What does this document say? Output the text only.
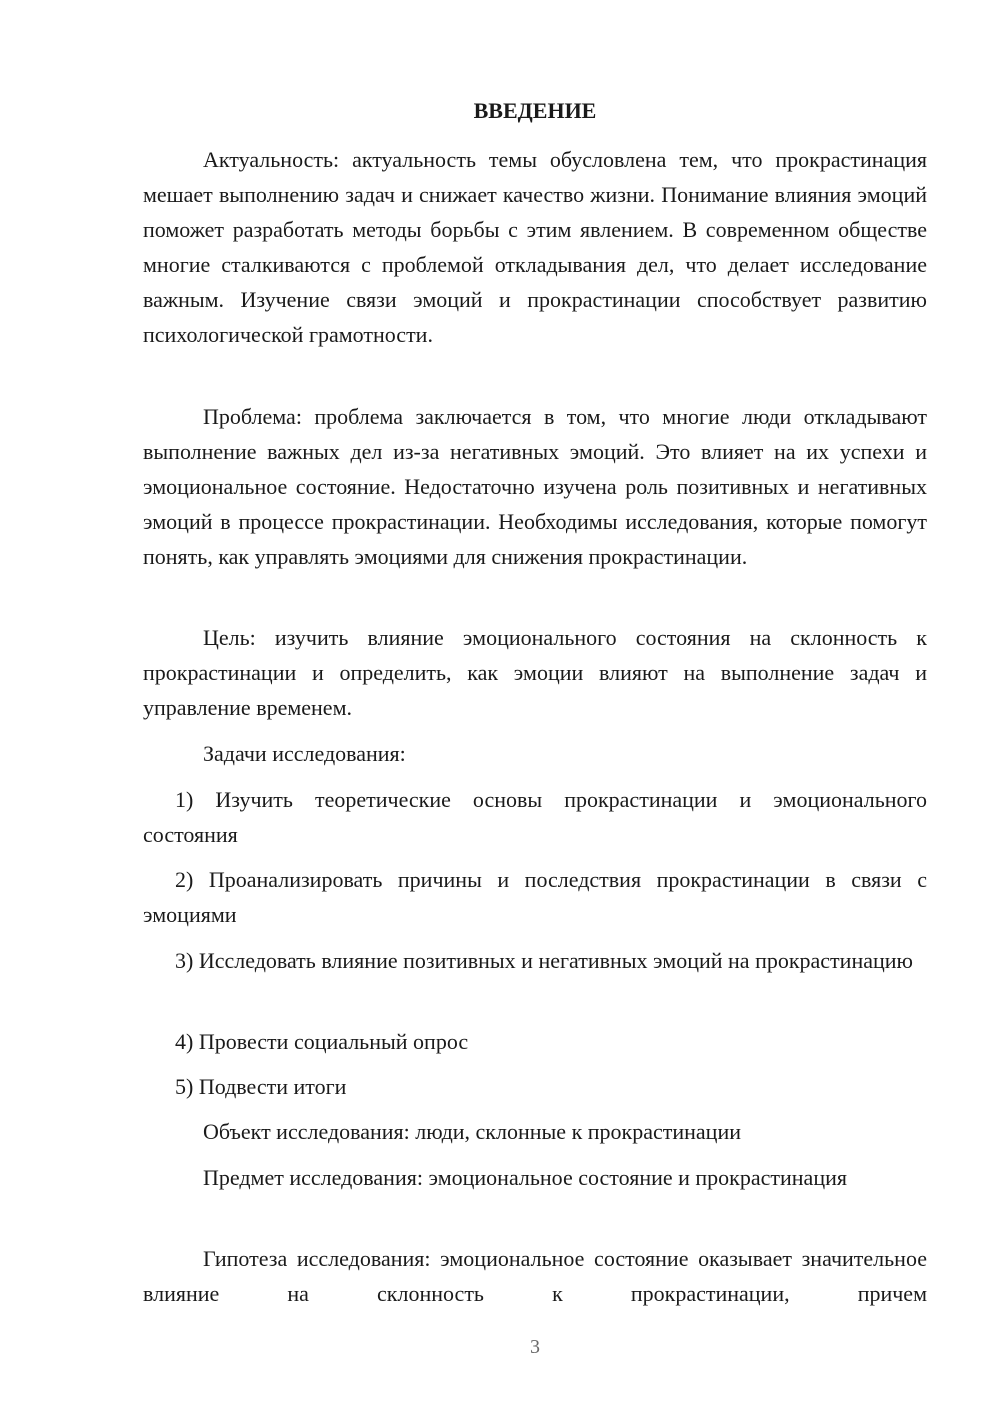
ВВЕДЕНИЕ

Актуальность: актуальность темы обусловлена тем, что прокрастинация мешает выполнению задач и снижает качество жизни. Понимание влияния эмоций поможет разработать методы борьбы с этим явлением. В современном обществе многие сталкиваются с проблемой откладывания дел, что делает исследование важным. Изучение связи эмоций и прокрастинации способствует развитию психологической грамотности.

Проблема: проблема заключается в том, что многие люди откладывают выполнение важных дел из-за негативных эмоций. Это влияет на их успехи и эмоциональное состояние. Недостаточно изучена роль позитивных и негативных эмоций в процессе прокрастинации. Необходимы исследования, которые помогут понять, как управлять эмоциями для снижения прокрастинации.

Цель: изучить влияние эмоционального состояния на склонность к прокрастинации и определить, как эмоции влияют на выполнение задач и управление временем.

Задачи исследования:

1) Изучить теоретические основы прокрастинации и эмоционального состояния

2) Проанализировать причины и последствия прокрастинации в связи с эмоциями

3) Исследовать влияние позитивных и негативных эмоций на прокрастинацию

4) Провести социальный опрос

5) Подвести итоги

Объект исследования: люди, склонные к прокрастинации

Предмет исследования: эмоциональное состояние и прокрастинация

Гипотеза исследования: эмоциональное состояние оказывает значительное влияние на склонность к прокрастинации, причем

3
